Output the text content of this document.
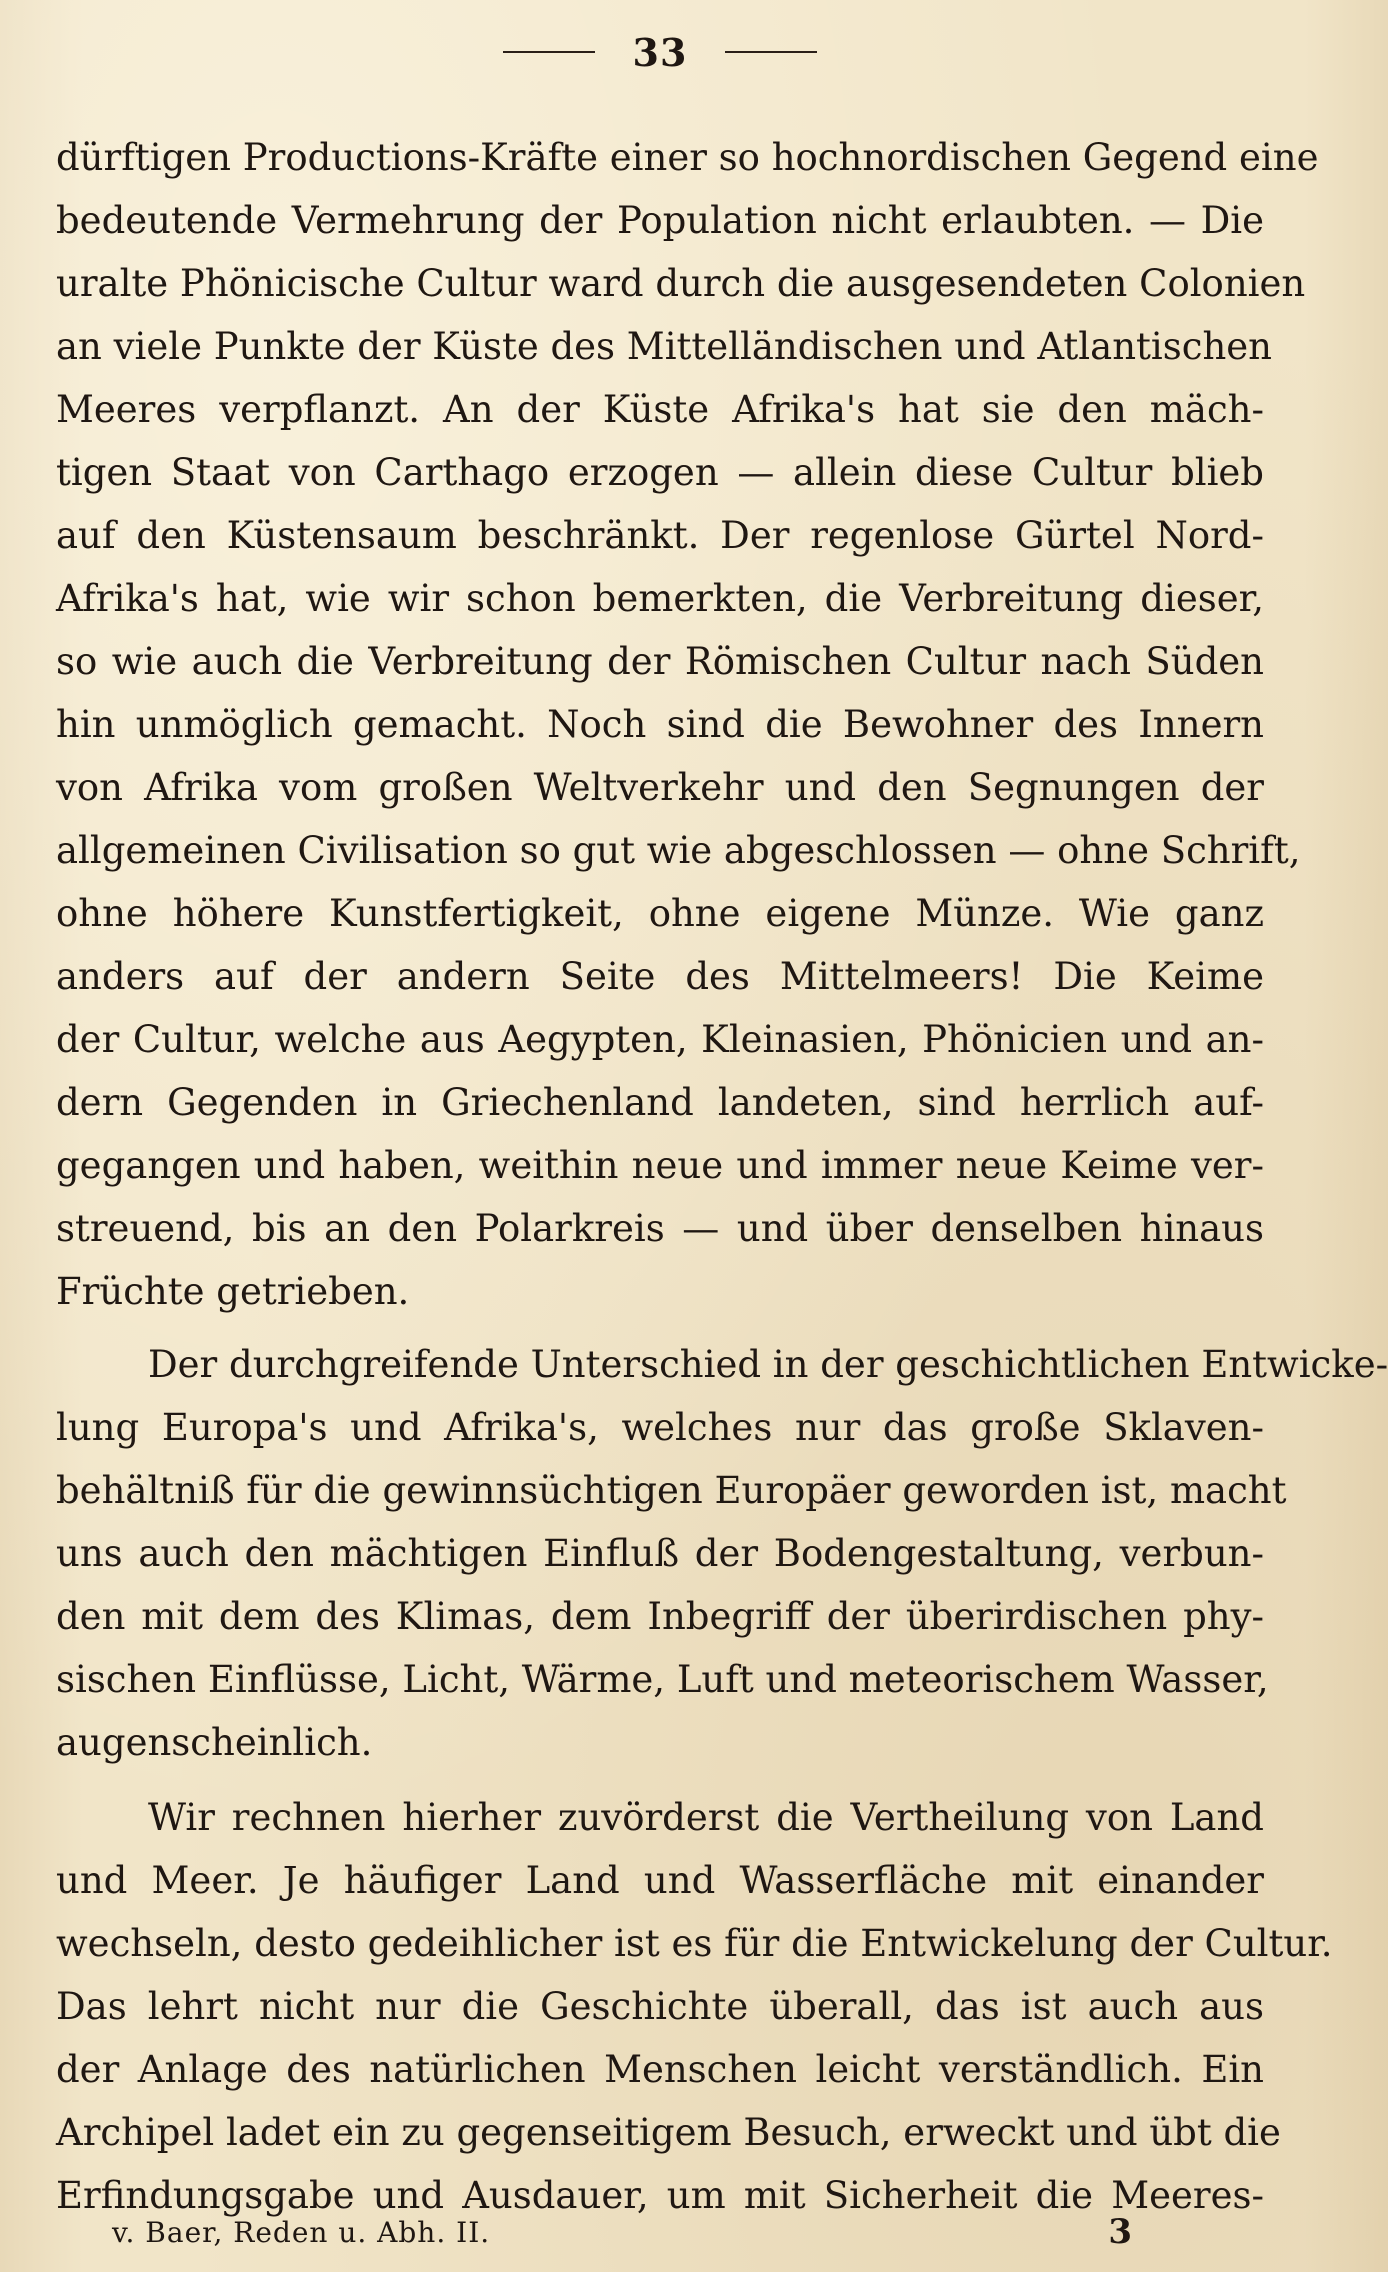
33
dürftigen Productions-Kräfte einer so hochnordischen Gegend eine
bedeutende Vermehrung der Population nicht erlaubten. — Die
uralte Phönicische Cultur ward durch die ausgesendeten Colonien
an viele Punkte der Küste des Mittelländischen und Atlantischen
Meeres verpflanzt. An der Küste Afrika's hat sie den mäch-
tigen Staat von Carthago erzogen — allein diese Cultur blieb
auf den Küstensaum beschränkt. Der regenlose Gürtel Nord-
Afrika's hat, wie wir schon bemerkten, die Verbreitung dieser,
so wie auch die Verbreitung der Römischen Cultur nach Süden
hin unmöglich gemacht. Noch sind die Bewohner des Innern
von Afrika vom großen Weltverkehr und den Segnungen der
allgemeinen Civilisation so gut wie abgeschlossen — ohne Schrift,
ohne höhere Kunstfertigkeit, ohne eigene Münze. Wie ganz
anders auf der andern Seite des Mittelmeers! Die Keime
der Cultur, welche aus Aegypten, Kleinasien, Phönicien und an-
dern Gegenden in Griechenland landeten, sind herrlich auf-
gegangen und haben, weithin neue und immer neue Keime ver-
streuend, bis an den Polarkreis — und über denselben hinaus
Früchte getrieben.
Der durchgreifende Unterschied in der geschichtlichen Entwicke-
lung Europa's und Afrika's, welches nur das große Sklaven-
behältniß für die gewinnsüchtigen Europäer geworden ist, macht
uns auch den mächtigen Einfluß der Bodengestaltung, verbun-
den mit dem des Klimas, dem Inbegriff der überirdischen phy-
sischen Einflüsse, Licht, Wärme, Luft und meteorischem Wasser,
augenscheinlich.
Wir rechnen hierher zuvörderst die Vertheilung von Land
und Meer. Je häufiger Land und Wasserfläche mit einander
wechseln, desto gedeihlicher ist es für die Entwickelung der Cultur.
Das lehrt nicht nur die Geschichte überall, das ist auch aus
der Anlage des natürlichen Menschen leicht verständlich. Ein
Archipel ladet ein zu gegenseitigem Besuch, erweckt und übt die
Erfindungsgabe und Ausdauer, um mit Sicherheit die Meeres-
v. Baer, Reden u. Abh. II.	3
